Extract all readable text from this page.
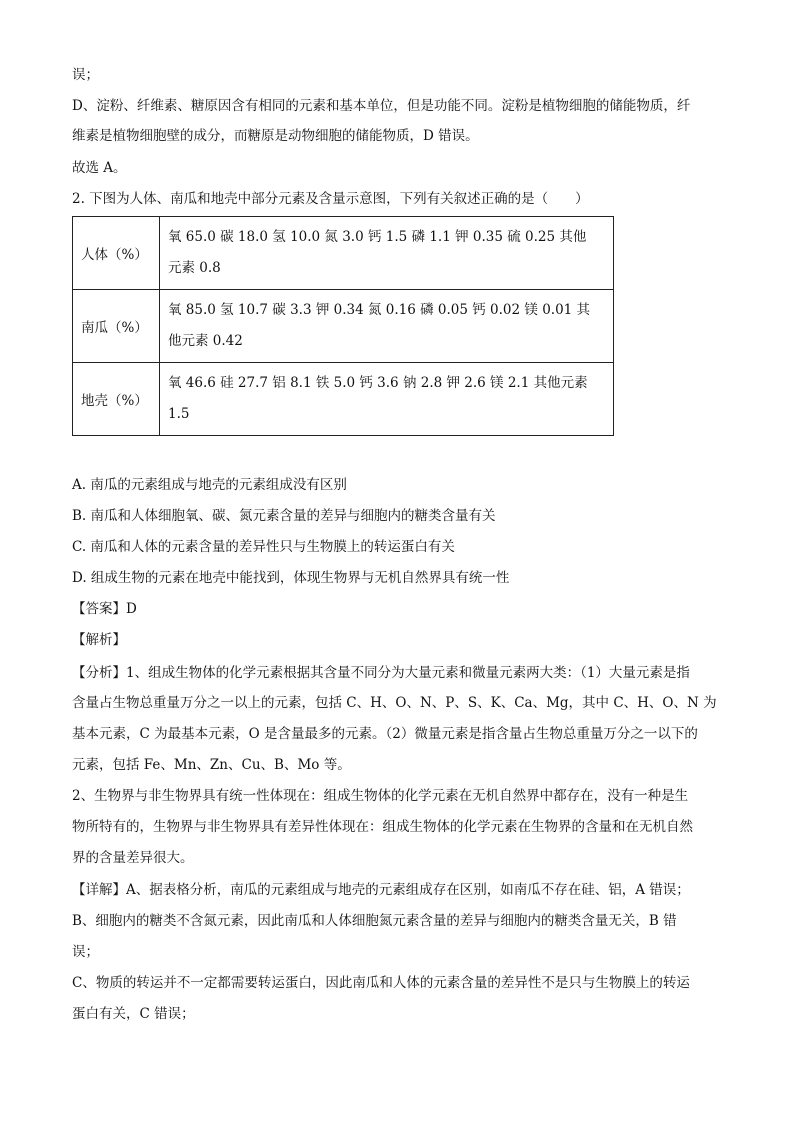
误；

D、淀粉、纤维素、糖原因含有相同的元素和基本单位，但是功能不同。淀粉是植物细胞的储能物质，纤

维素是植物细胞壁的成分，而糖原是动物细胞的储能物质，D 错误。

故选 A。

2. 下图为人体、南瓜和地壳中部分元素及含量示意图，下列有关叙述正确的是（　　）

人体（%）	氧 65.0 碳 18.0 氢 10.0 氮 3.0 钙 1.5 磷 1.1 钾 0.35 硫 0.25 其他
元素 0.8

南瓜（%）	氧 85.0 氢 10.7 碳 3.3 钾 0.34 氮 0.16 磷 0.05 钙 0.02 镁 0.01 其
他元素 0.42

地壳（%）	氧 46.6 硅 27.7 铝 8.1 铁 5.0 钙 3.6 钠 2.8 钾 2.6 镁 2.1 其他元素
1.5

A. 南瓜的元素组成与地壳的元素组成没有区别

B. 南瓜和人体细胞氧、碳、氮元素含量的差异与细胞内的糖类含量有关

C. 南瓜和人体的元素含量的差异性只与生物膜上的转运蛋白有关

D. 组成生物的元素在地壳中能找到，体现生物界与无机自然界具有统一性

【答案】D

【解析】

【分析】1、组成生物体的化学元素根据其含量不同分为大量元素和微量元素两大类：（1）大量元素是指

含量占生物总重量万分之一以上的元素，包括 C、H、O、N、P、S、K、Ca、Mg，其中 C、H、O、N 为

基本元素，C 为最基本元素，O 是含量最多的元素。（2）微量元素是指含量占生物总重量万分之一以下的

元素，包括 Fe、Mn、Zn、Cu、B、Mo 等。

2、生物界与非生物界具有统一性体现在：组成生物体的化学元素在无机自然界中都存在，没有一种是生

物所特有的，生物界与非生物界具有差异性体现在：组成生物体的化学元素在生物界的含量和在无机自然

界的含量差异很大。

【详解】A、据表格分析，南瓜的元素组成与地壳的元素组成存在区别，如南瓜不存在硅、铝，A 错误；

B、细胞内的糖类不含氮元素，因此南瓜和人体细胞氮元素含量的差异与细胞内的糖类含量无关，B 错

误；

C、物质的转运并不一定都需要转运蛋白，因此南瓜和人体的元素含量的差异性不是只与生物膜上的转运

蛋白有关，C 错误；
